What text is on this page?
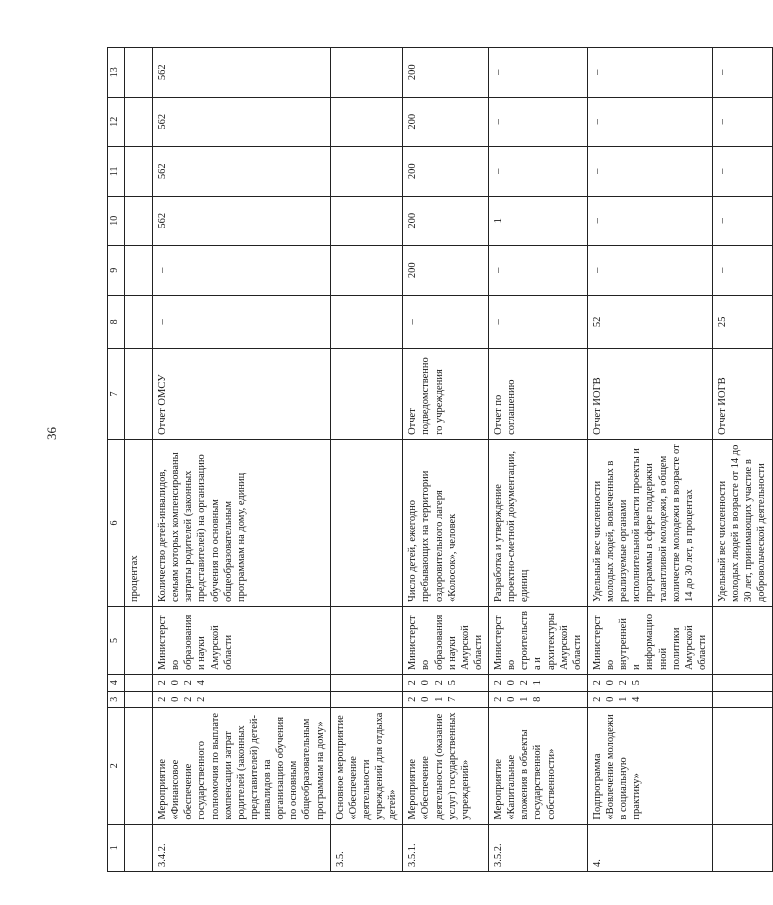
36
1	2	3	4	5	6	7	8	9	10	11	12	13
					процентах							
3.4.2.	Мероприятие «Финансовое обеспечение государственного полномочия по выплате компенсации затрат родителей (законных представителей) детей-инвалидов на организацию обучения по основным общеобразовательным программам на дому»	2022	2024	Министерство образования и науки Амурской области	Количество детей-инвалидов, семьям которых компенсированы затраты родителей (законных представителей) на организацию обучения по основным общеобразовательным программам на дому, единиц	Отчет ОМСУ	–	–	562	562	562	562
3.5.	Основное мероприятие «Обеспечение деятельности учреждений для отдыха детей»											
3.5.1.	Мероприятие «Обеспечение деятельности (оказание услуг) государственных учреждений»	2017	2025	Министерство образования и науки Амурской области	Число детей, ежегодно пребывающих на территории оздоровительного лагеря «Колосок», человек	Отчет подведомственного учреждения	–	200	200	200	200	200
3.5.2.	Мероприятие «Капитальные вложения в объекты государственной собственности»	2018	2021	Министерство строительства и архитектуры Амурской области	Разработка и утверждение проектно-сметной документации, единиц	Отчет по соглашению	–	–	1	–	–	–
4.	Подпрограмма «Вовлечение молодежи в социальную практику»	2014	2025	Министерство внутренней и информационной политики Амурской области	Удельный вес численности молодых людей, вовлеченных в реализуемые органами исполнительной власти проекты и программы в сфере поддержки талантливой молодежи, в общем количестве молодежи в возрасте от 14 до 30 лет, в процентах	Отчет ИОГВ	52	–	–	–	–	–
					Удельный вес численности молодых людей в возрасте от 14 до 30 лет, принимающих участие в добровольческой деятельности	Отчет ИОГВ	25	–	–	–	–	–
